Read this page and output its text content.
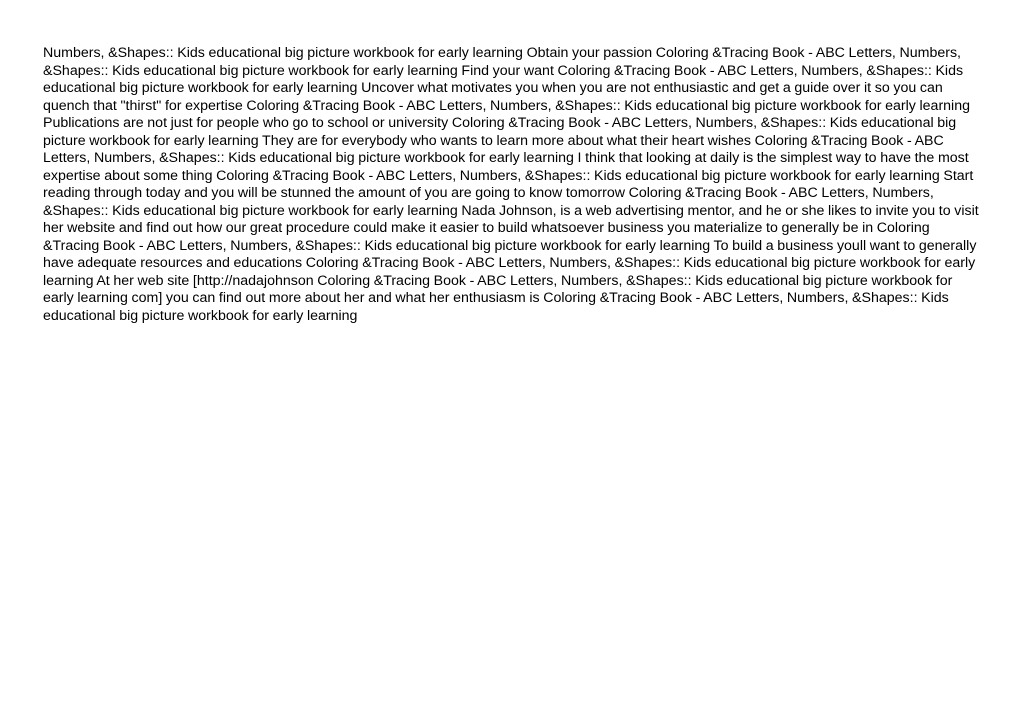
Numbers, &Shapes:: Kids educational big picture workbook for early learning Obtain your passion Coloring &Tracing Book - ABC Letters, Numbers, &Shapes:: Kids educational big picture workbook for early learning Find your want Coloring &Tracing Book - ABC Letters, Numbers, &Shapes:: Kids educational big picture workbook for early learning Uncover what motivates you when you are not enthusiastic and get a guide over it so you can quench that "thirst" for expertise Coloring &Tracing Book - ABC Letters, Numbers, &Shapes:: Kids educational big picture workbook for early learning Publications are not just for people who go to school or university Coloring &Tracing Book - ABC Letters, Numbers, &Shapes:: Kids educational big picture workbook for early learning They are for everybody who wants to learn more about what their heart wishes Coloring &Tracing Book - ABC Letters, Numbers, &Shapes:: Kids educational big picture workbook for early learning I think that looking at daily is the simplest way to have the most expertise about some thing Coloring &Tracing Book - ABC Letters, Numbers, &Shapes:: Kids educational big picture workbook for early learning Start reading through today and you will be stunned the amount of you are going to know tomorrow Coloring &Tracing Book - ABC Letters, Numbers, &Shapes:: Kids educational big picture workbook for early learning Nada Johnson, is a web advertising mentor, and he or she likes to invite you to visit her website and find out how our great procedure could make it easier to build whatsoever business you materialize to generally be in Coloring &Tracing Book - ABC Letters, Numbers, &Shapes:: Kids educational big picture workbook for early learning To build a business youll want to generally have adequate resources and educations Coloring &Tracing Book - ABC Letters, Numbers, &Shapes:: Kids educational big picture workbook for early learning At her web site [http://nadajohnson Coloring &Tracing Book - ABC Letters, Numbers, &Shapes:: Kids educational big picture workbook for early learning com] you can find out more about her and what her enthusiasm is Coloring &Tracing Book - ABC Letters, Numbers, &Shapes:: Kids educational big picture workbook for early learning
